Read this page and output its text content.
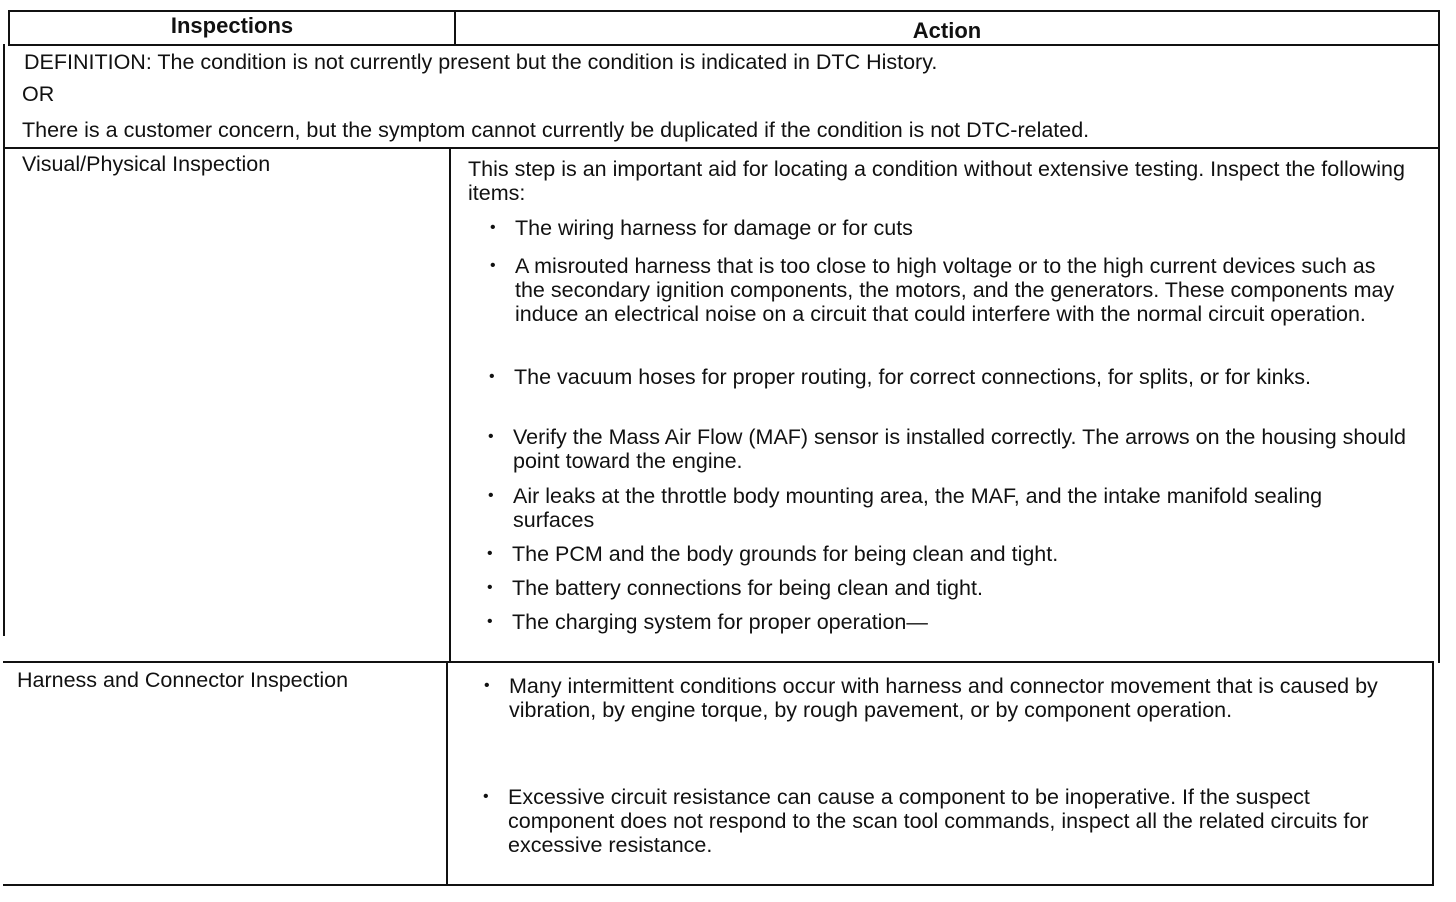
Inspections	Action
DEFINITION: The condition is not currently present but the condition is indicated in DTC History.
OR
There is a customer concern, but the symptom cannot currently be duplicated if the condition is not DTC-related.
Visual/Physical Inspection	This step is an important aid for locating a condition without extensive testing. Inspect the following items:
• The wiring harness for damage or for cuts
• A misrouted harness that is too close to high voltage or to the high current devices such as the secondary ignition components, the motors, and the generators. These components may induce an electrical noise on a circuit that could interfere with the normal circuit operation.
• The vacuum hoses for proper routing, for correct connections, for splits, or for kinks.
• Verify the Mass Air Flow (MAF) sensor is installed correctly. The arrows on the housing should point toward the engine.
• Air leaks at the throttle body mounting area, the MAF, and the intake manifold sealing surfaces
• The PCM and the body grounds for being clean and tight.
• The battery connections for being clean and tight.
• The charging system for proper operation—
Harness and Connector Inspection	• Many intermittent conditions occur with harness and connector movement that is caused by vibration, by engine torque, by rough pavement, or by component operation.
• Excessive circuit resistance can cause a component to be inoperative. If the suspect component does not respond to the scan tool commands, inspect all the related circuits for excessive resistance.
